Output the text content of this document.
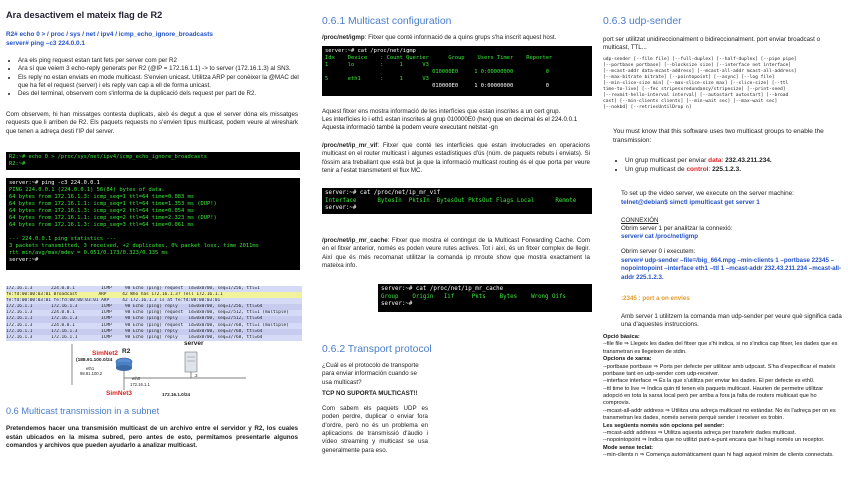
Ara desactivem el mateix flag de R2
R2# echo 0 > / proc / sys / net / ipv4 / icmp_echo_ignore_broadcasts
server# ping –c3 224.0.0.1
• Ara els ping request estan tant fets per server com per R2
• Ara sí que veiem 3 echo-reply generats per R2 (@IP = 172.16.1.1) -> to server (172.16.1.3) al SN3.
• Els reply no estan enviats en mode multicast. S'envien unicast. Utilitza ARP per conèixer la @MAC del que ha fet el request (server) i els reply van cap a ell de forma unicast.
• Des del terminal, observem com s'informa de la duplicació dels request per part de R2.

Com observem, hi han missatges contesta duplicats, això és degut a que el server dóna els missatges requests que li arriben de R2. Els paquets requests no s'envien tipus multicast, podem veure al wireshark que tenen a adreça desti l'IP del server.

R2:~# echo 0 > /proc/sys/net/ipv4/icmp_echo_ignore_broadcasts
R2:~#
server:~# ping -c3 224.0.0.1
PING 224.0.0.1 (224.0.0.1) 56(84) bytes of data.
64 bytes from 172.16.1.3: icmp_seq=1 ttl=64 time=0.083 ms
64 bytes from 172.16.1.1: icmp_seq=1 ttl=64 time=1.353 ms (DUP!)
64 bytes from 172.16.1.3: icmp_seq=2 ttl=64 time=0.054 ms
64 bytes from 172.16.1.1: icmp_seq=2 ttl=64 time=2.323 ms (DUP!)
64 bytes from 172.16.1.3: icmp_seq=3 ttl=64 time=0.061 ms

--- 224.0.0.1 ping statistics ---
3 packets transmitted, 3 received, +2 duplicates, 0% packet loss, time 2011ms
rtt min/avg/max/mdev = 0.051/0.173/0.323/0.135 ms
server:~#
172.16.1.3       224.0.0.1          ICMP     98 Echo (ping) request  id=0x0700, seq=1/256, ttl=1
fe:fd:00:00:03:01 Broadcast        ARP      42 Who has 172.16.1.3? Tell 172.16.1.1
fe:fd:00:00:03:01 fe:fd:00:00:03:01 ARP     42 172.16.1.3 is at fe:fd:00:00:03:01
172.16.1.1       172.16.1.3         ICMP     98 Echo (ping) reply    id=0x0700, seq=1/256, ttl=64
172.16.1.3       224.0.0.1          ICMP     98 Echo (ping) request  id=0x0700, seq=2/512, ttl=1 (multiple)
172.16.1.1       172.16.1.3         ICMP     98 Echo (ping) reply    id=0x0700, seq=2/512, ttl=64
172.16.1.3       224.0.0.1          ICMP     98 Echo (ping) request  id=0x0700, seq=3/768, ttl=1 (multiple)
172.16.1.1       172.16.1.3         ICMP     98 Echo (ping) reply    id=0x0700, seq=3/768, ttl=64
172.16.1.3       172.16.1.1         ICMP     98 Echo (ping) reply    id=0x0700, seq=3/768, ttl=64
SimNet2 R2
server
(188.91.100.0/24
eth1
98.81.100.2
eth0
172.16.1.1
.3
SimNet3	172.16.1.0/24
0.6 Multicast transmission in a subnet

Pretendemos hacer una transmisión multicast de un archivo entre el servidor y R2, los cuales están ubicados en la misma subred, pero antes de esto, permitamos presentarle algunos comandos y archivos que pueden ayudarlo a analizar multicast.

0.6.1 Multicast configuration

/proc/net/igmp: Fitxer que conté informació de a quins grups s'ha inscrit aquest host.

server:~# cat /proc/net/igmp
Idx    Device    : Count Querier      Group    Users Timer    Reporter
1      lo        :     1      V3
010000E0     1 0:00000000          0
5      eth1      :     1      V3
010000E0     1 0:00000000          0

Aquest fitxer ens mostra informació de les interfícies que estan inscrites a un cert grup.

Les interfícies lo i eth1 estan inscrites al grup 010000E0 (hex) que en decimal és el 224.0.0.1 Aquesta informació també la podem veure executant netstat -gn

/proc/net/ip_mr_vif: Fitxer que conté les interfícies que estan involucrades en operacions multicast en el router multicast i algunes estadístiques d'ús (núm. de paquets rebuts i enviats). Si fòssim ara treballant que està but ja que la informació multicast routing és el que porta per veure tenir a l'estat transmetent el flux MC.

server:~# cat /proc/net/ip_mr_vif
Interface      BytesIn  PktsIn  BytesOut PktsOut Flags Local      Remote
server:~#

/proc/net/ip_mr_cache: Fitxer que mostra el contingut de la Multicast Forwarding Cache. Com en el fitxer anterior, només es poden veure rutes actives. Tot i així, és un fitxer complex de llegir. Així que és més recomanat utilitzar la comanda ip mroute show que mostra exactament la mateixa info.

server:~# cat /proc/net/ip_mr_cache
Group    Origin   Iif     Pkts    Bytes    Wrong Oifs
server:~#
0.6.2 Transport protocol

¿Cuál es el protocolo de transporte para enviar información cuando se usa multicast?

TCP NO SUPORTA MULTICAST!!

Com sabem els paquets UDP es poden perdre, duplicar o enviar fora d'ordre, però no és un problema en aplicacions de transmissió d'àudio i vídeo streaming y multicast se usa generalmente para eso.

0.6.3 udp-sender

port ser utilitzat unidireccionalment o bidireccionalment. port enviar broadcast o multicast, TTL...

udp-sender [--file file] [--full-duplex] [--half-duplex] [--pipe pipe]
[--portbase portbase] [--blocksize size] [--interface net interface]
[--mcast-addr data-mcast-address] [--mcast-all-addr mcast-all-address]
[--max-bitrate bitrate] [--pointopoint] [--async] [--log file]
[--min-slice-size min] [--max-slice-size max] [--slice-size] [--ttl
time-to-live] [--fec stripesxredundancy/stripesize] [--print-seed]
[--rexmit-hello-interval interval] [--autostart autostart] [--broad
cast] [--min-clients clients] [--min-wait sec] [--max-wait sec]
[--nokbd] [--retriesUntilDrop n]

You must know that this software uses two multicast groups to enable the transmission:

• Un grup multicast per enviar data: 232.43.211.234.
• Un grup multicast de control: 225.1.2.3.

To set up the video server, we execute on the server machine:

telnet@debian$ simctl ipmulticast get server 1

CONNEXIÓN

Obrim server 1 per analitzar la connexió:

server# cat /proc/net/igmp

Obrim server 0 i executem:

server# udp-sender –file=/big_664.mpg –min-clients 1 –portbase 22345 –nopointopoint –interface eth1 –ttl 1 –mcast-addr 232.43.211.234 –mcast-all-addr 225.1.2.3.

:2345 : port a on envies

Amb server 1 utilitzem la comanda man udp-sender per veure què significa cada una d'aquestes instruccions.

Opció bàsica:
--file file ⇒ Llegeix les dades del fitxer que s'hi indica, si no s'indica cap fitxer, les dades que es transmetran es llegeixen de stdin.
Opcions de xarxa:
--portbase portbase ⇒ Ports per defecte per utilitzar amb udpcast. S'ha d'especificar el mateix portbase tant en udp-sender com udp-receiver.
--interface interface ⇒ És la que s'utilitza per enviar les dades. El per defecte es eth0.
--ttl time to live ⇒ Indica quin ttl tenen els paquets multicast. Haurien de permetre utilitzar adopció en tota la xarxa local però per arriba a fora ja falta de routers multicast que ho comprovis.
--mcast-all-addr address ⇒ Utilitza una adreça multicast no estàndar. No és l'adreça per on es transmetran les dades, només serveix perquè sender i receiver es trobin.
Les següents només són opcions pel sender:
--mcast-addr address ⇒ Utilitza aquesta adreça per transferir dades multicast.
--nopointopoint ⇒ Indica que no utilitzi punt-a-punt encara que hi hagi només un receptor.
Mode sense teclat:
--min-clients n ⇒ Comença automàticament quan hi hagi aquest mínim de clients connectats.
